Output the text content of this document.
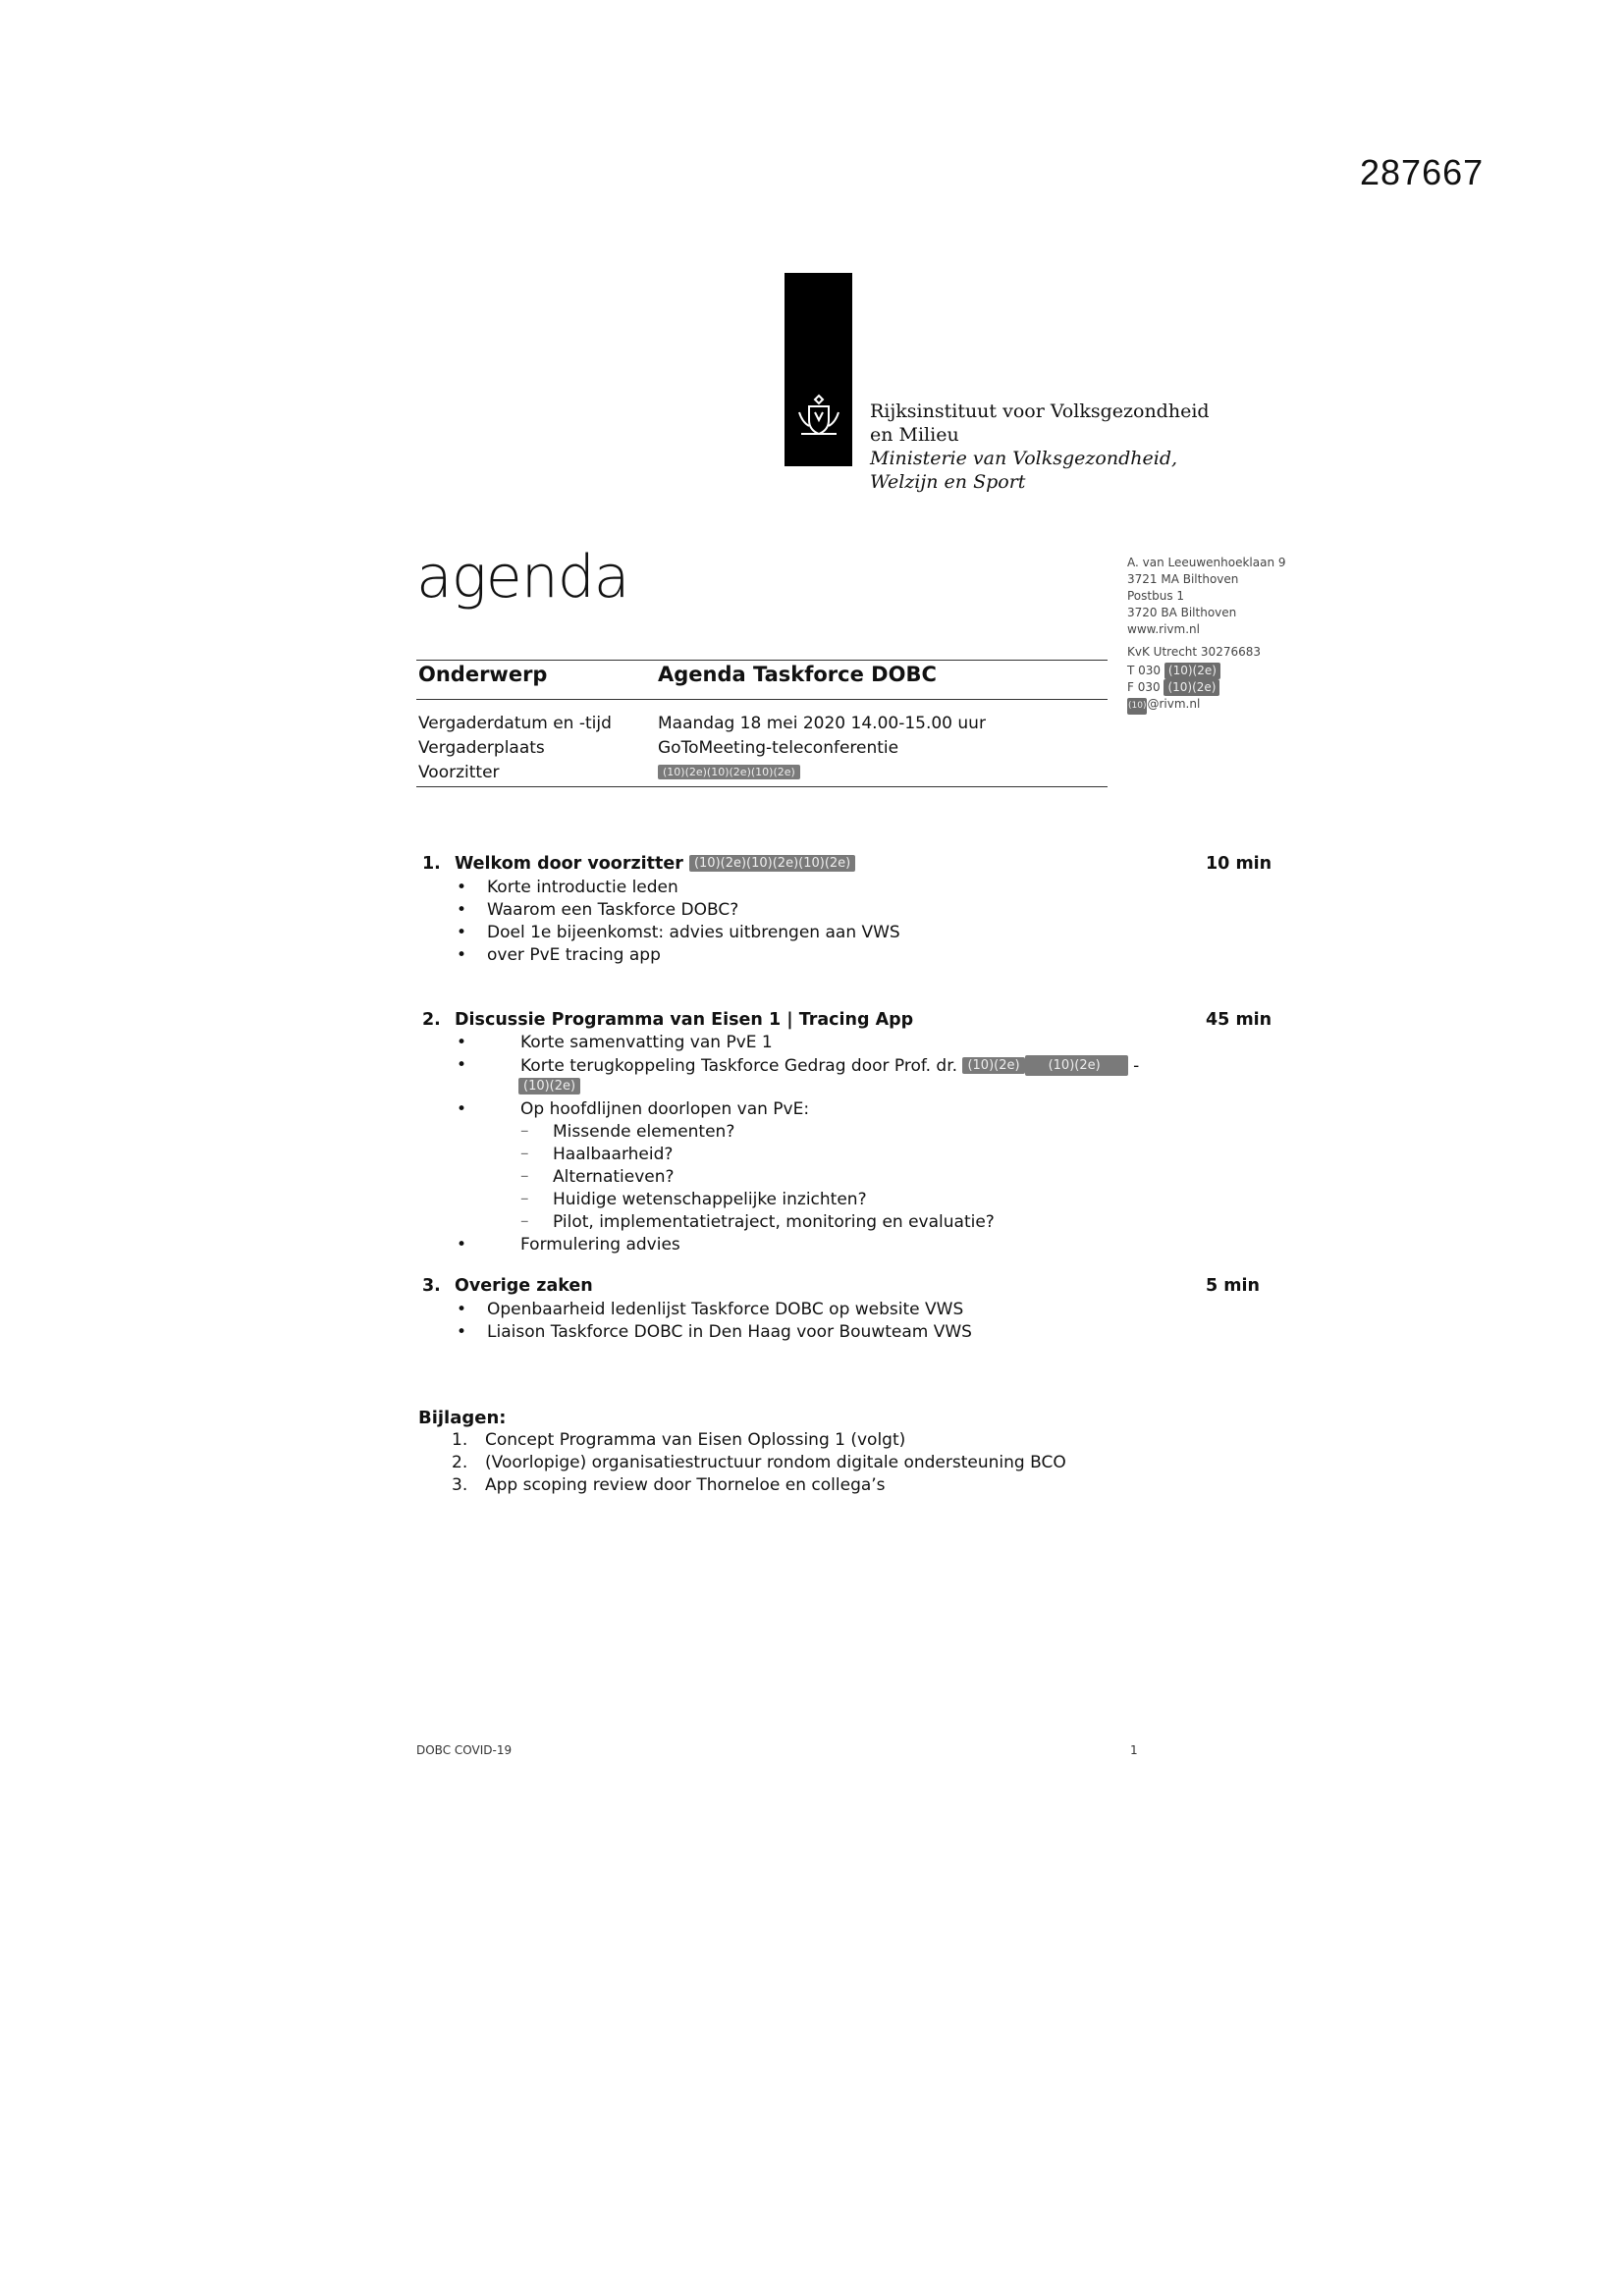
287667
Rijksinstituut voor Volksgezondheid
en Milieu
Ministerie van Volksgezondheid,
Welzijn en Sport
agenda	A. van Leeuwenhoeklaan 9
3721 MA Bilthoven
Postbus 1
3720 BA Bilthoven
www.rivm.nl
KvK Utrecht 30276683
T 030 (10)(2e)
F 030 (10)(2e)
(10)@rivm.nl
Onderwerp	Agenda Taskforce DOBC
Vergaderdatum en -tijd	Maandag 18 mei 2020 14.00-15.00 uur
Vergaderplaats	GoToMeeting-teleconferentie
Voorzitter	(10)(2e)(10)(2e)(10)(2e)
1. Welkom door voorzitter (10)(2e)(10)(2e)(10)(2e)	10 min
• Korte introductie leden
• Waarom een Taskforce DOBC?
• Doel 1e bijeenkomst: advies uitbrengen aan VWS
• over PvE tracing app
2. Discussie Programma van Eisen 1 | Tracing App	45 min
•	Korte samenvatting van PvE 1
•	Korte terugkoppeling Taskforce Gedrag door Prof. dr. (10)(2e) (10)(2e) -
(10)(2e)
•	Op hoofdlijnen doorlopen van PvE:
– Missende elementen?
– Haalbaarheid?
– Alternatieven?
– Huidige wetenschappelijke inzichten?
– Pilot, implementatietraject, monitoring en evaluatie?
•	Formulering advies
3. Overige zaken	5 min
• Openbaarheid ledenlijst Taskforce DOBC op website VWS
• Liaison Taskforce DOBC in Den Haag voor Bouwteam VWS
Bijlagen:
1. Concept Programma van Eisen Oplossing 1 (volgt)
2. (Voorlopige) organisatiestructuur rondom digitale ondersteuning BCO
3. App scoping review door Thorneloe en collega’s
DOBC COVID-19	1
